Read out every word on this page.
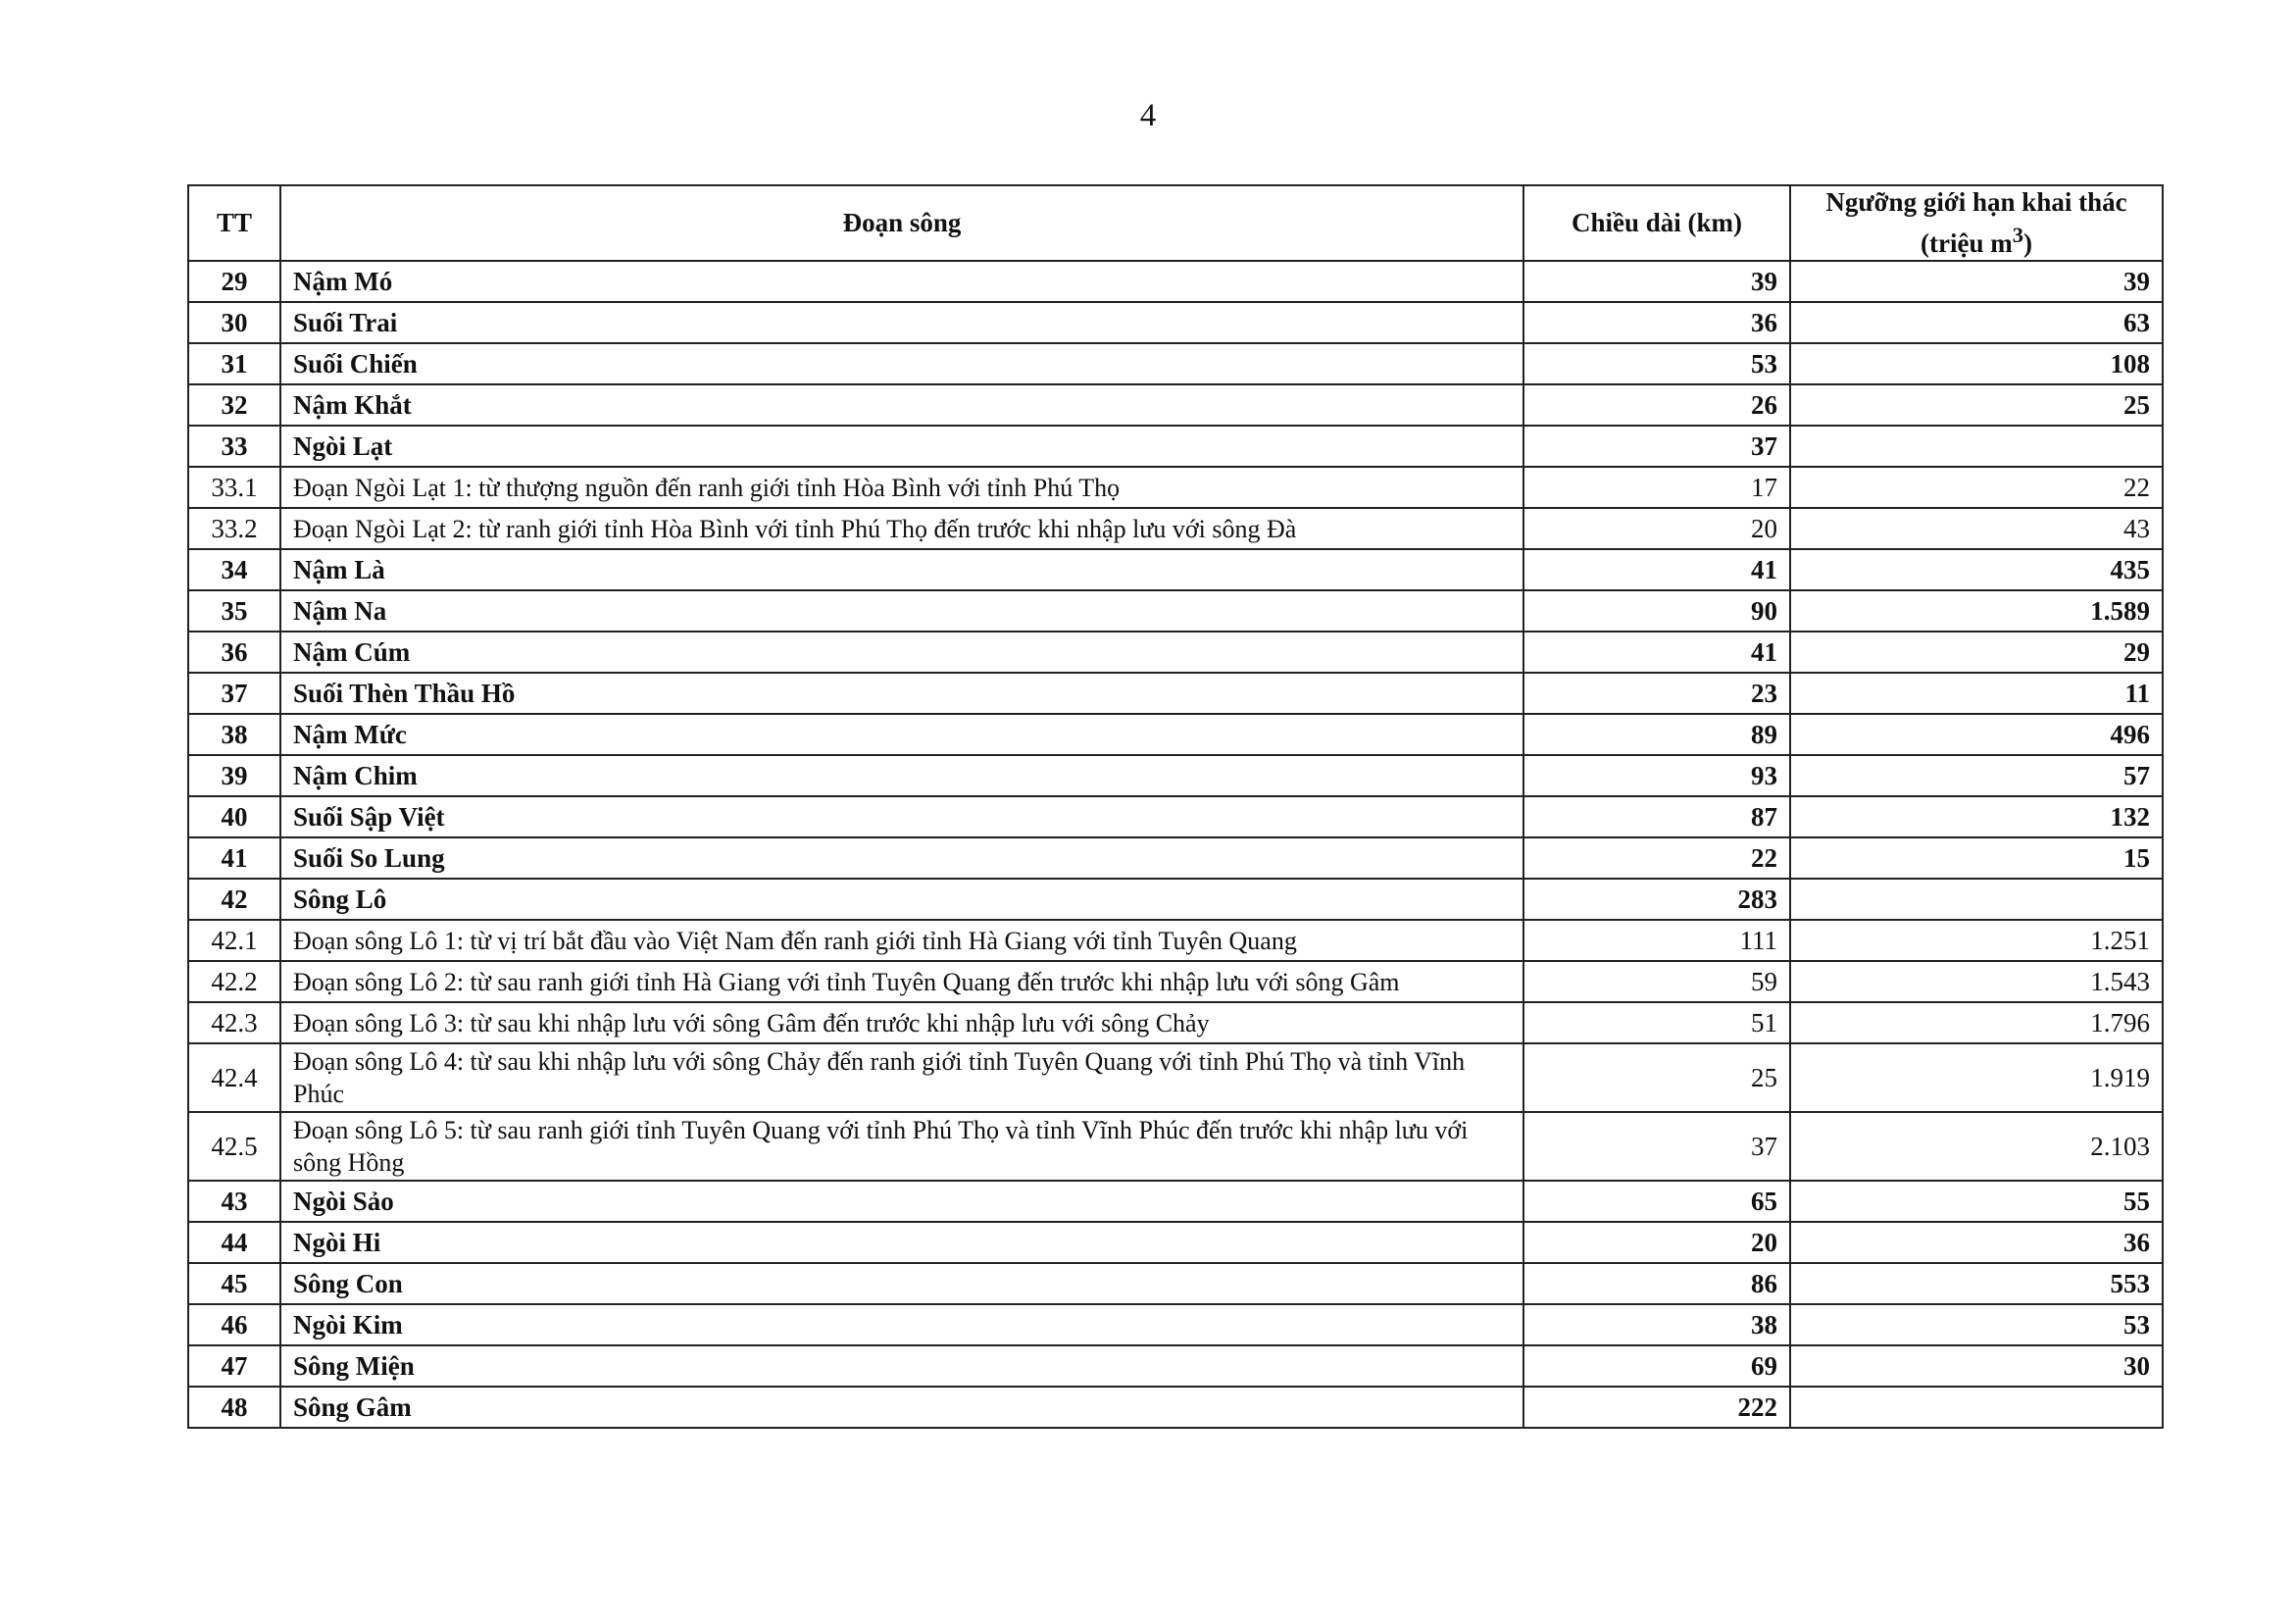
4
TT	Đoạn sông	Chiều dài (km)	Ngưỡng giới hạn khai thác
(triệu $m^3$)
29	Nậm Mó	39	39
30	Suối Trai	36	63
31	Suối Chiến	53	108
32	Nậm Khắt	26	25
33	Ngòi Lạt	37	
33.1	Đoạn Ngòi Lạt 1: từ thượng nguồn đến ranh giới tỉnh Hòa Bình với tỉnh Phú Thọ	17	22
33.2	Đoạn Ngòi Lạt 2: từ ranh giới tỉnh Hòa Bình với tỉnh Phú Thọ đến trước khi nhập lưu với sông Đà	20	43
34	Nậm Là	41	435
35	Nậm Na	90	1.589
36	Nậm Cúm	41	29
37	Suối Thèn Thầu Hồ	23	11
38	Nậm Mức	89	496
39	Nậm Chim	93	57
40	Suối Sập Việt	87	132
41	Suối So Lung	22	15
42	Sông Lô	283	
42.1	Đoạn sông Lô 1: từ vị trí bắt đầu vào Việt Nam đến ranh giới tỉnh Hà Giang với tỉnh Tuyên Quang	111	1.251
42.2	Đoạn sông Lô 2: từ sau ranh giới tỉnh Hà Giang với tỉnh Tuyên Quang đến trước khi nhập lưu với sông Gâm	59	1.543
42.3	Đoạn sông Lô 3: từ sau khi nhập lưu với sông Gâm đến trước khi nhập lưu với sông Chảy	51	1.796
42.4	Đoạn sông Lô 4: từ sau khi nhập lưu với sông Chảy đến ranh giới tỉnh Tuyên Quang với tỉnh Phú Thọ và tỉnh Vĩnh Phúc	25	1.919
42.5	Đoạn sông Lô 5: từ sau ranh giới tỉnh Tuyên Quang với tỉnh Phú Thọ và tỉnh Vĩnh Phúc đến trước khi nhập lưu với sông Hồng	37	2.103
43	Ngòi Sảo	65	55
44	Ngòi Hi	20	36
45	Sông Con	86	553
46	Ngòi Kim	38	53
47	Sông Miện	69	30
48	Sông Gâm	222	
